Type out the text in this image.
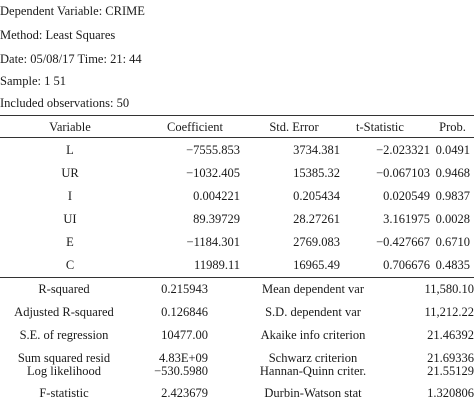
Dependent Variable: CRIME
Method: Least Squares
Date: 05/08/17 Time: 21: 44
Sample: 1 51
Included observations: 50
Variable	Coefficient	Std. Error	t-Statistic	Prob.
L	−7555.853	3734.381	−2.023321 0.0491
UR	−1032.405	15385.32	−0.067103 0.9468
I	0.004221	0.205434	0.020549 0.9837
UI	89.39729	28.27261	3.161975 0.0028
E	−1184.301	2769.083	−0.427667 0.6710
C	11989.11	16965.49	0.706676 0.4835
R-squared	0.215943	Mean dependent var	11,580.10
Adjusted R-squared	0.126846	S.D. dependent var	11,212.22
S.E. of regression	10477.00	Akaike info criterion	21.46392
Sum squared resid	4.83E+09	Schwarz criterion	21.69336
Log likelihood	−530.5980	Hannan-Quinn criter.	21.55129
F-statistic	2.423679	Durbin-Watson stat	1.320806
